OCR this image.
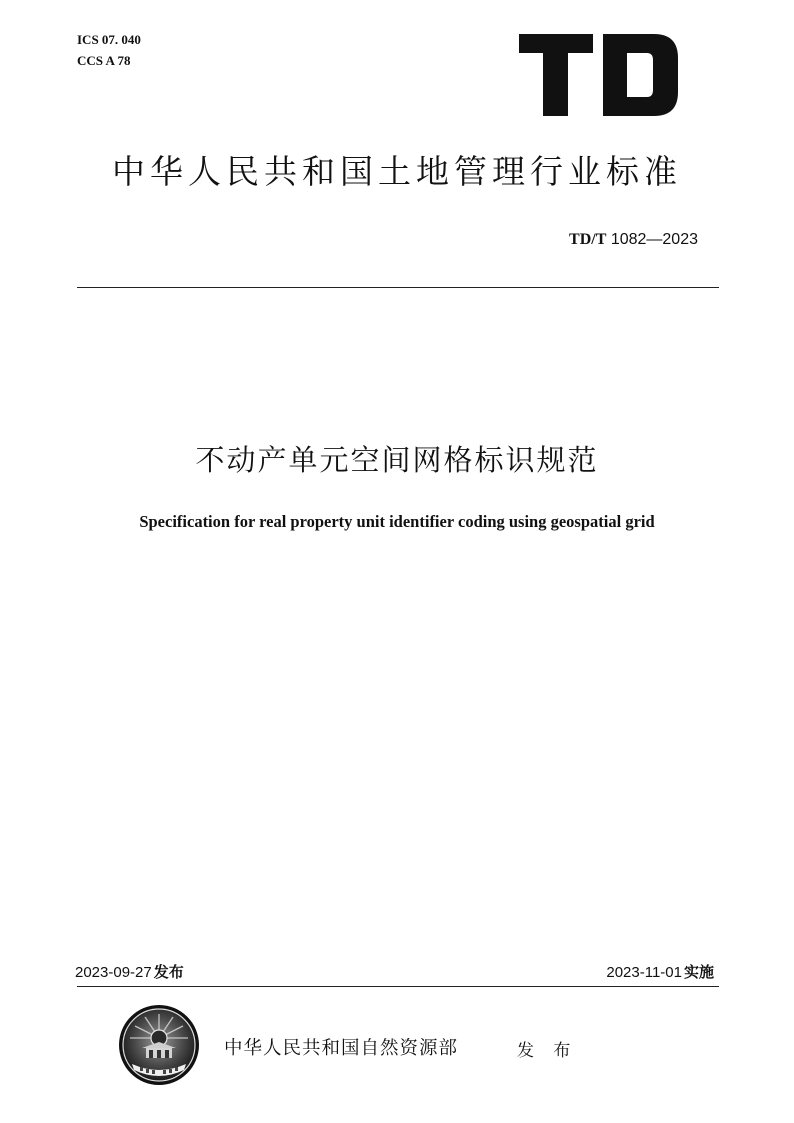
ICS 07. 040
CCS A 78
中华人民共和国土地管理行业标准
TD/T 1082—2023
不动产单元空间网格标识规范
Specification for real property unit identifier coding using geospatial grid
2023-09-27 发布	2023-11-01 实施
中华人民共和国自然资源部	发 布
